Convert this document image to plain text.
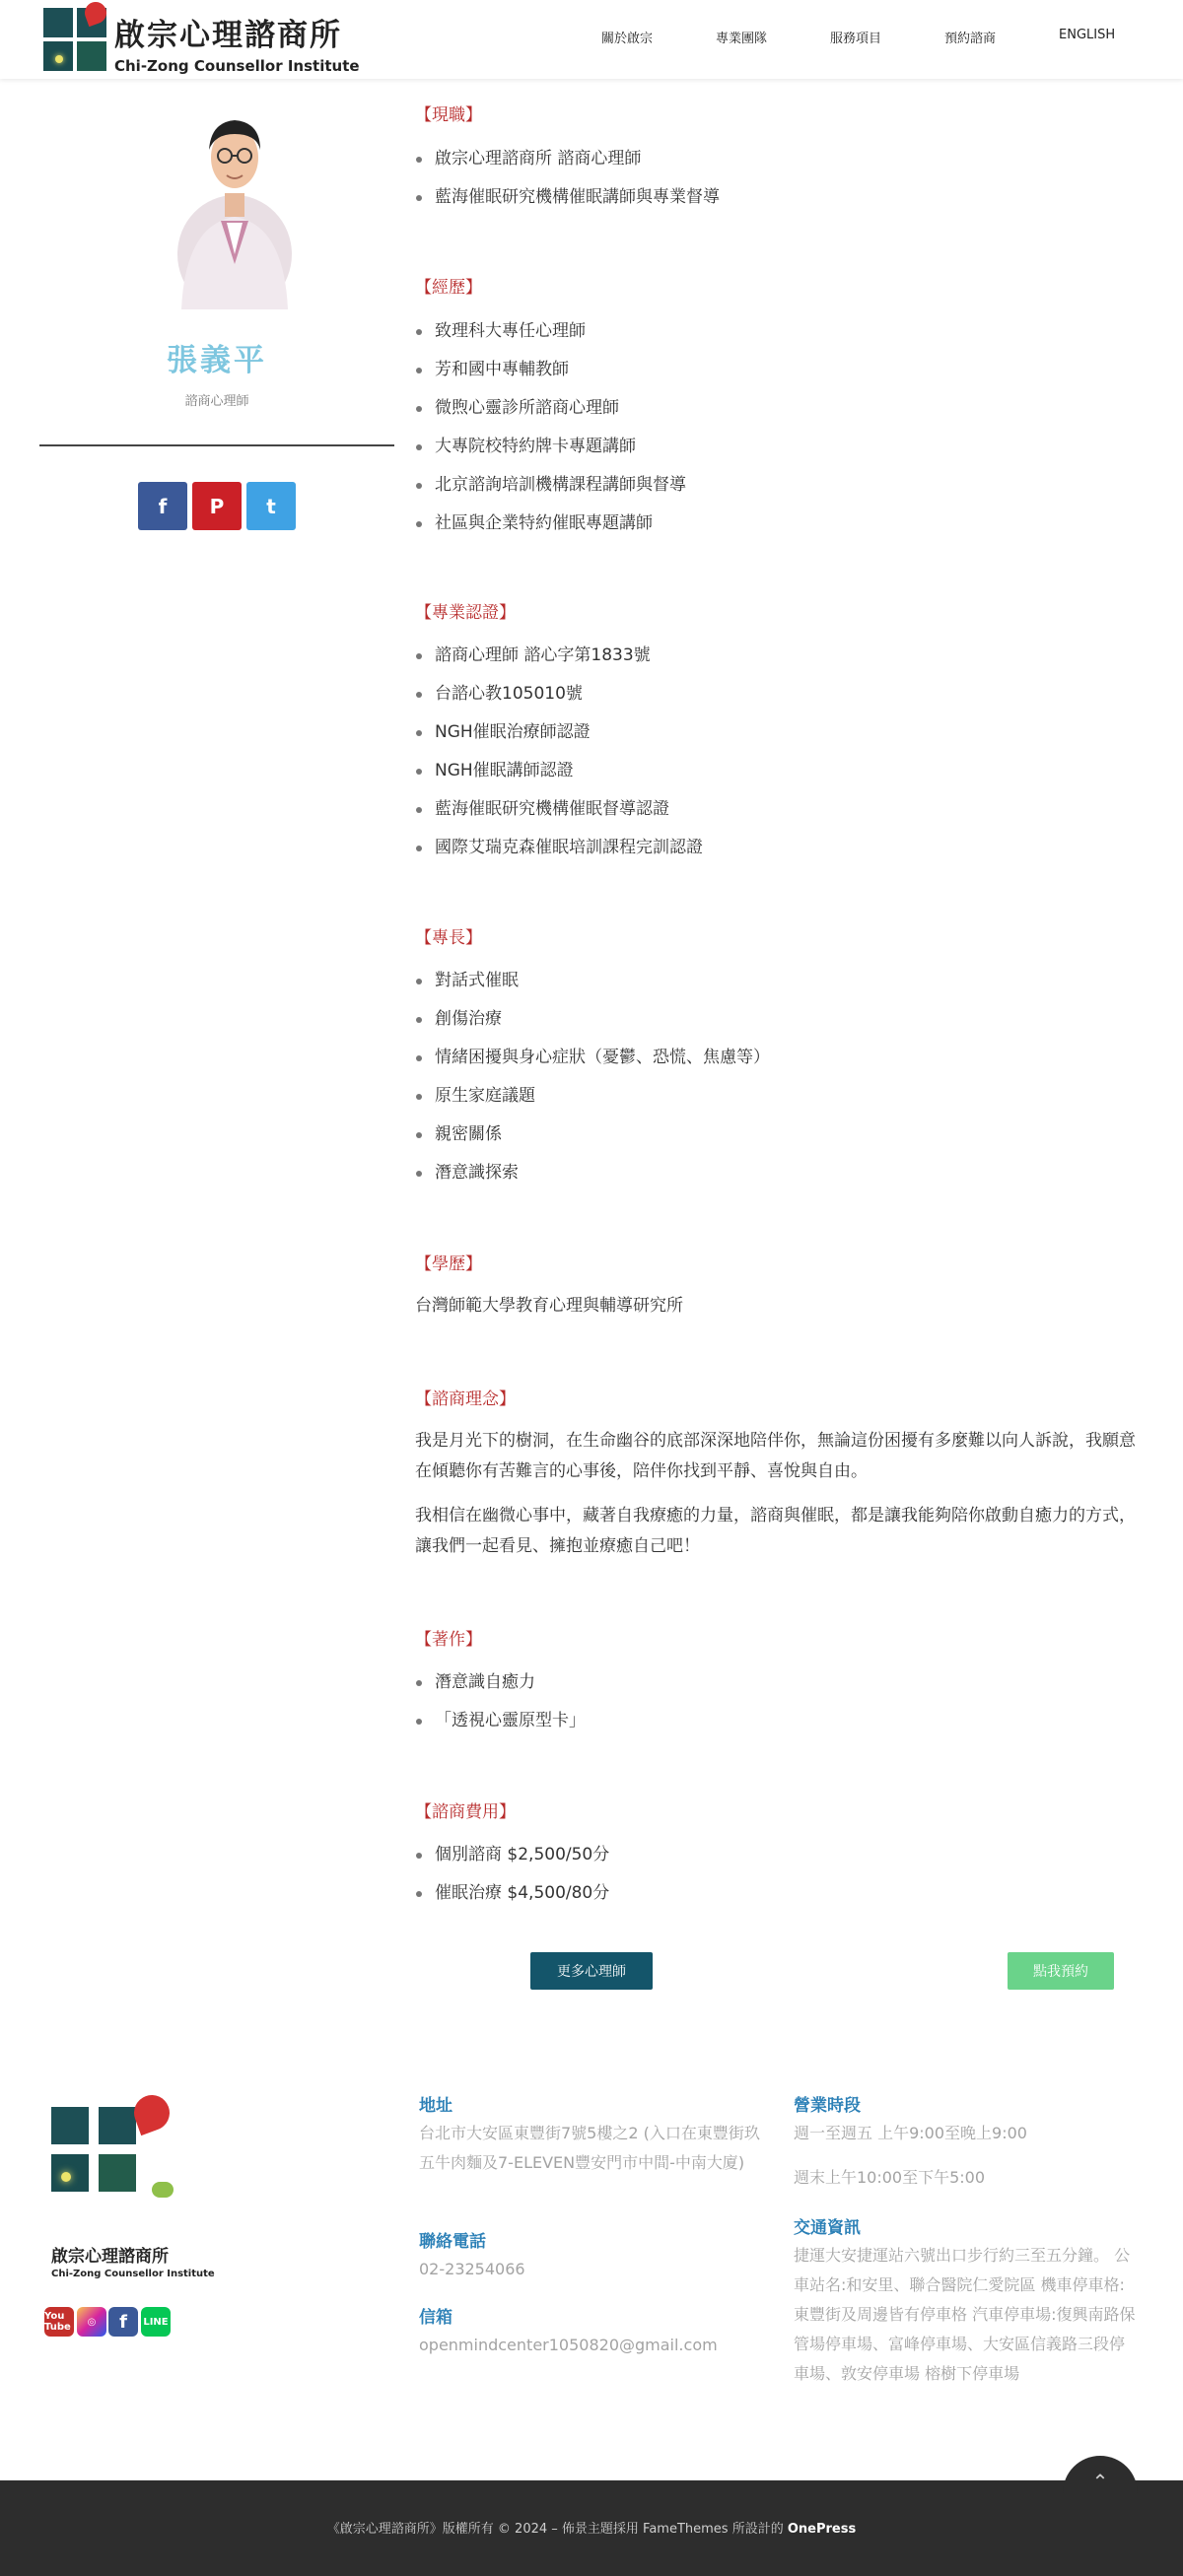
啟宗心理諮商所
Chi-Zong Counsellor Institute
關於啟宗	專業團隊	服務項目	預約諮商	ENGLISH
張義平
諮商心理師
f P t
【現職】
啟宗心理諮商所 諮商心理師
藍海催眠研究機構催眠講師與專業督導
【經歷】
致理科大專任心理師
芳和國中專輔教師
微煦心靈診所諮商心理師
大專院校特約牌卡專題講師
北京諮詢培訓機構課程講師與督導
社區與企業特約催眠專題講師
【專業認證】
諮商心理師 諮心字第1833號
台諮心教105010號
NGH催眠治療師認證
NGH催眠講師認證
藍海催眠研究機構催眠督導認證
國際艾瑞克森催眠培訓課程完訓認證
【專長】
對話式催眠
創傷治療
情緒困擾與身心症狀（憂鬱、恐慌、焦慮等）
原生家庭議題
親密關係
潛意識探索
【學歷】
台灣師範大學教育心理與輔導研究所
【諮商理念】
我是月光下的樹洞，在生命幽谷的底部深深地陪伴你，無論這份困擾有多麼難以向人訴說，我願意在傾聽你有苦難言的心事後，陪伴你找到平靜、喜悅與自由。
我相信在幽微心事中，藏著自我療癒的力量，諮商與催眠，都是讓我能夠陪你啟動自癒力的方式，讓我們一起看見、擁抱並療癒自己吧！
【著作】
潛意識自癒力
「透視心靈原型卡」
【諮商費用】
個別諮商 $2,500/50分
催眠治療 $4,500/80分
更多心理師	點我預約
啟宗心理諮商所
Chi-Zong Counsellor Institute
You Tube	◎ f LINE
地址
台北市大安區東豐街7號5樓之2 (入口在東豐街玖五牛肉麵及7-ELEVEN豐安門市中間-中南大廈)
聯絡電話
02-23254066
信箱
openmindcenter1050820@gmail.com
營業時段
週一至週五 上午9:00至晚上9:00
週末上午10:00至下午5:00
交通資訊
捷運大安捷運站六號出口步行約三至五分鐘。 公車站名:和安里、聯合醫院仁愛院區 機車停車格:東豐街及周邊皆有停車格 汽車停車場:復興南路保管場停車場、富峰停車場、大安區信義路三段停車場、敦安停車場 榕樹下停車場
⌃
《啟宗心理諮商所》版權所有 © 2024 – 佈景主題採用 FameThemes 所設計的 OnePress
